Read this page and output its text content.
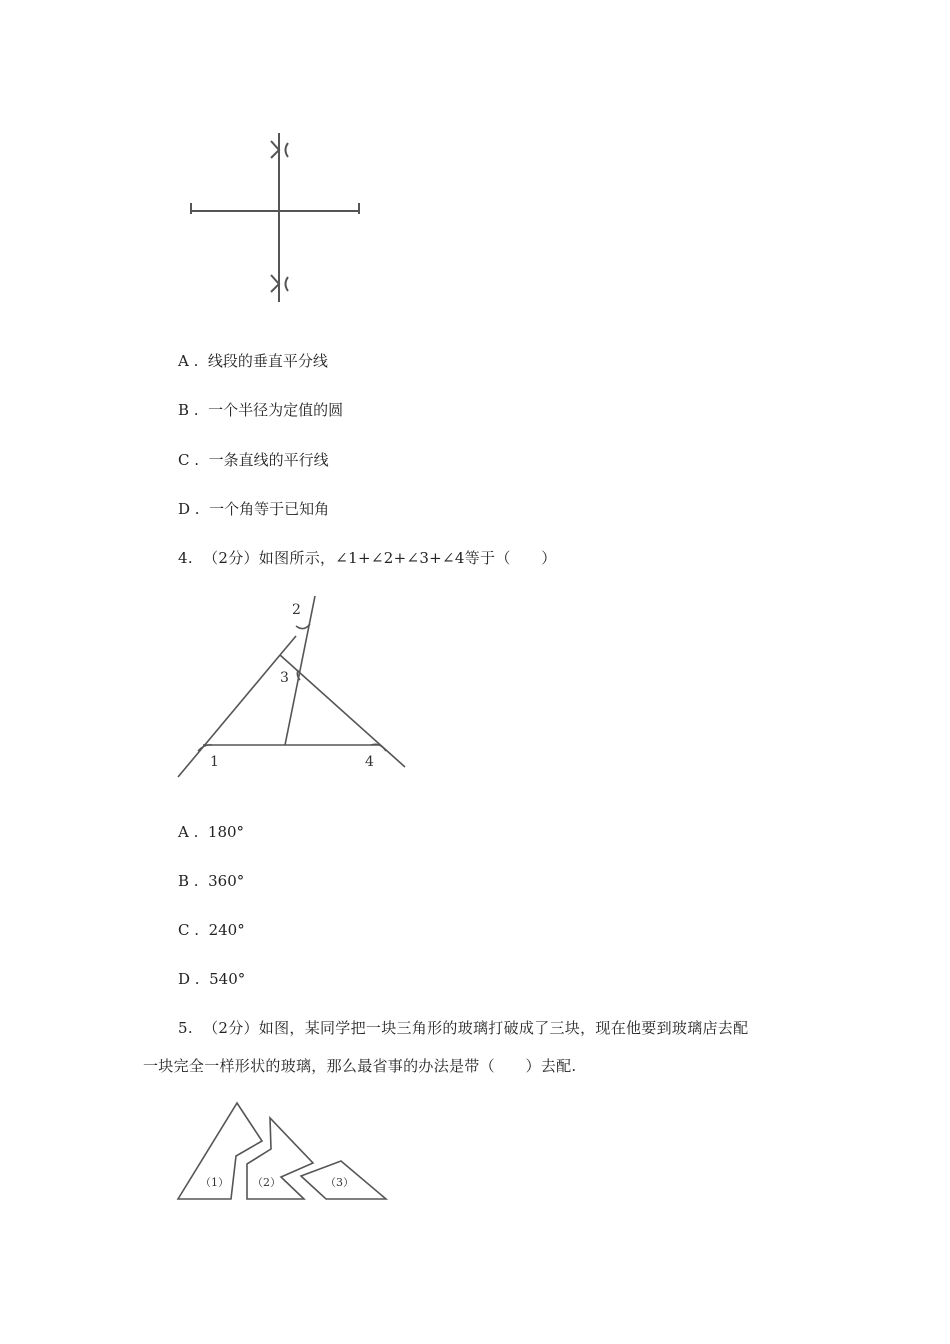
A .  线段的垂直平分线
B .  一个半径为定值的圆
C .  一条直线的平行线
D .  一个角等于已知角
4. （2分）如图所示，∠1+∠2+∠3+∠4等于（　　）
1
2
3
4
A .  180°
B .  360°
C .  240°
D .  540°
5. （2分）如图，某同学把一块三角形的玻璃打破成了三块，现在他要到玻璃店去配
一块完全一样形状的玻璃，那么最省事的办法是带（　　）去配.
（1） （2）	（3）
